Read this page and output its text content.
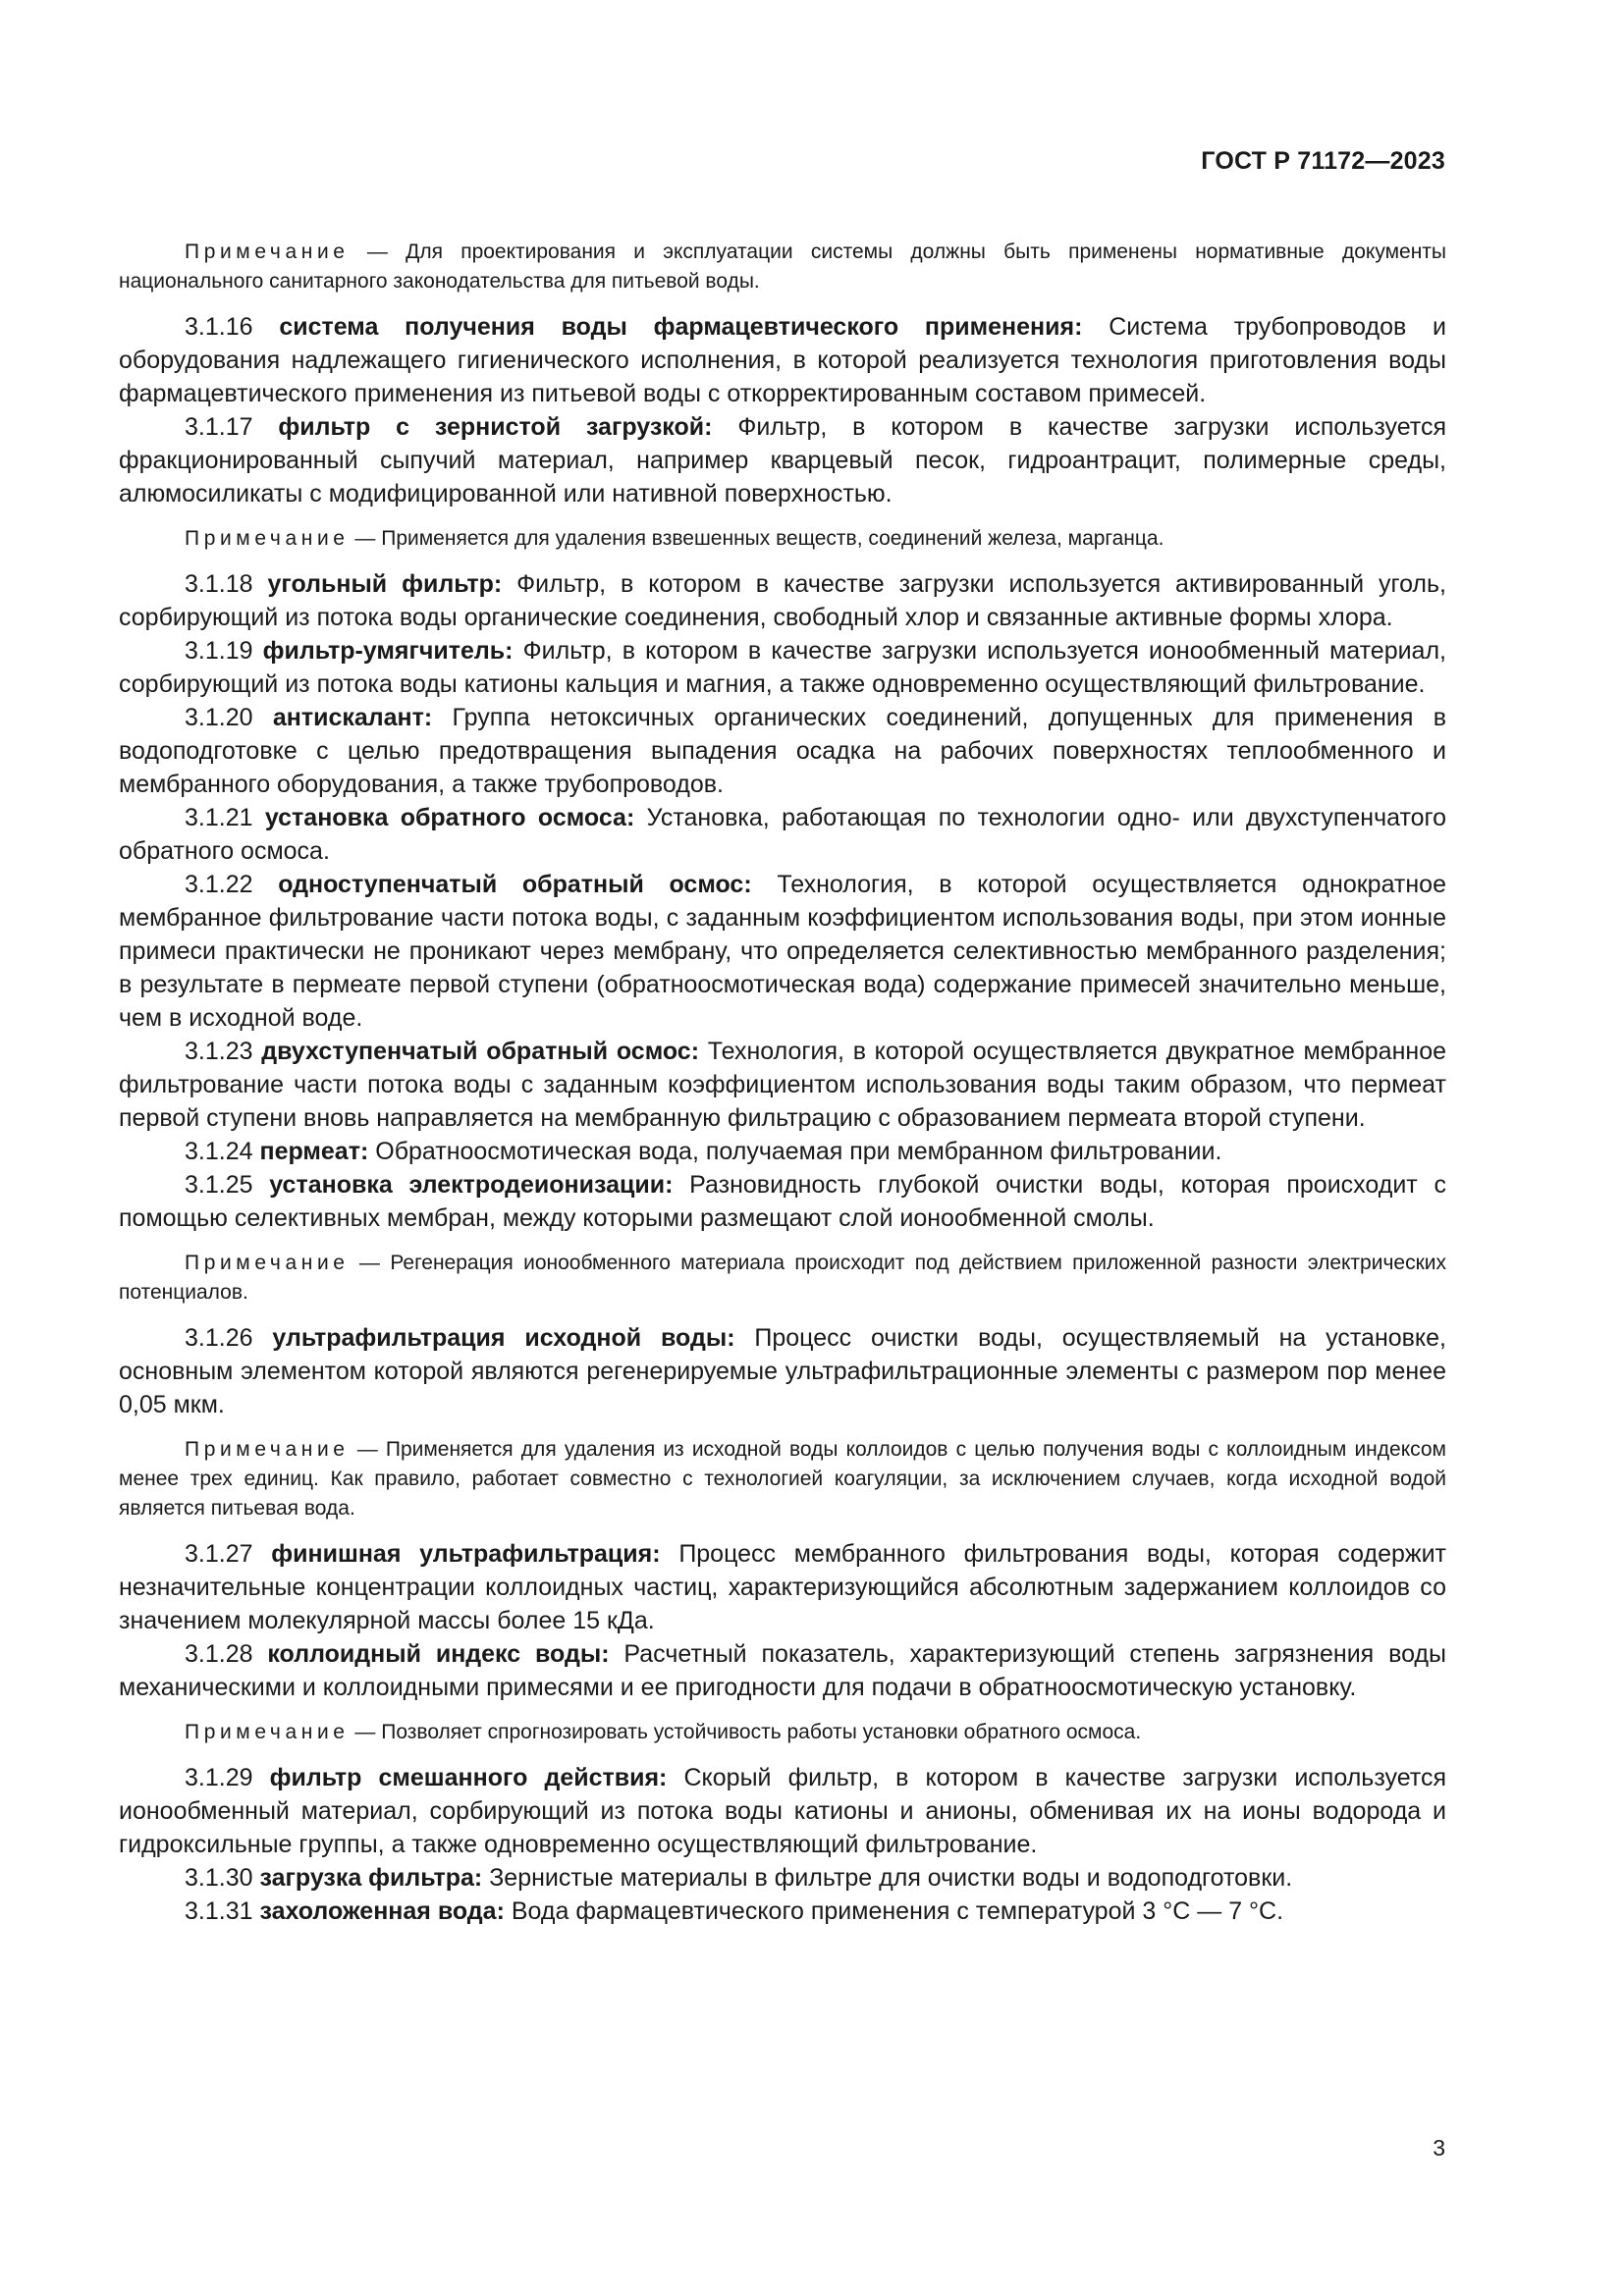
ГОСТ Р 71172—2023

Примечание — Для проектирования и эксплуатации системы должны быть применены нормативные документы национального санитарного законодательства для питьевой воды.

3.1.16 система получения воды фармацевтического применения: Система трубопроводов и оборудования надлежащего гигиенического исполнения, в которой реализуется технология приготовления воды фармацевтического применения из питьевой воды с откорректированным составом примесей.

3.1.17 фильтр с зернистой загрузкой: Фильтр, в котором в качестве загрузки используется фракционированный сыпучий материал, например кварцевый песок, гидроантрацит, полимерные среды, алюмосиликаты с модифицированной или нативной поверхностью.

Примечание — Применяется для удаления взвешенных веществ, соединений железа, марганца.

3.1.18 угольный фильтр: Фильтр, в котором в качестве загрузки используется активированный уголь, сорбирующий из потока воды органические соединения, свободный хлор и связанные активные формы хлора.

3.1.19 фильтр-умягчитель: Фильтр, в котором в качестве загрузки используется ионообменный материал, сорбирующий из потока воды катионы кальция и магния, а также одновременно осуществляющий фильтрование.

3.1.20 антискалант: Группа нетоксичных органических соединений, допущенных для применения в водоподготовке с целью предотвращения выпадения осадка на рабочих поверхностях теплообменного и мембранного оборудования, а также трубопроводов.

3.1.21 установка обратного осмоса: Установка, работающая по технологии одно- или двухступенчатого обратного осмоса.

3.1.22 одноступенчатый обратный осмос: Технология, в которой осуществляется однократное мембранное фильтрование части потока воды, с заданным коэффициентом использования воды, при этом ионные примеси практически не проникают через мембрану, что определяется селективностью мембранного разделения; в результате в пермеате первой ступени (обратноосмотическая вода) содержание примесей значительно меньше, чем в исходной воде.

3.1.23 двухступенчатый обратный осмос: Технология, в которой осуществляется двукратное мембранное фильтрование части потока воды с заданным коэффициентом использования воды таким образом, что пермеат первой ступени вновь направляется на мембранную фильтрацию с образованием пермеата второй ступени.

3.1.24 пермеат: Обратноосмотическая вода, получаемая при мембранном фильтровании.

3.1.25 установка электродеионизации: Разновидность глубокой очистки воды, которая происходит с помощью селективных мембран, между которыми размещают слой ионообменной смолы.

Примечание — Регенерация ионообменного материала происходит под действием приложенной разности электрических потенциалов.

3.1.26 ультрафильтрация исходной воды: Процесс очистки воды, осуществляемый на установке, основным элементом которой являются регенерируемые ультрафильтрационные элементы с размером пор менее 0,05 мкм.

Примечание — Применяется для удаления из исходной воды коллоидов с целью получения воды с коллоидным индексом менее трех единиц. Как правило, работает совместно с технологией коагуляции, за исключением случаев, когда исходной водой является питьевая вода.

3.1.27 финишная ультрафильтрация: Процесс мембранного фильтрования воды, которая содержит незначительные концентрации коллоидных частиц, характеризующийся абсолютным задержанием коллоидов со значением молекулярной массы более 15 кДа.

3.1.28 коллоидный индекс воды: Расчетный показатель, характеризующий степень загрязнения воды механическими и коллоидными примесями и ее пригодности для подачи в обратноосмотическую установку.

Примечание — Позволяет спрогнозировать устойчивость работы установки обратного осмоса.

3.1.29 фильтр смешанного действия: Скорый фильтр, в котором в качестве загрузки используется ионообменный материал, сорбирующий из потока воды катионы и анионы, обменивая их на ионы водорода и гидроксильные группы, а также одновременно осуществляющий фильтрование.

3.1.30 загрузка фильтра: Зернистые материалы в фильтре для очистки воды и водоподготовки.

3.1.31 захоложенная вода: Вода фармацевтического применения с температурой 3 °С — 7 °С.

3
